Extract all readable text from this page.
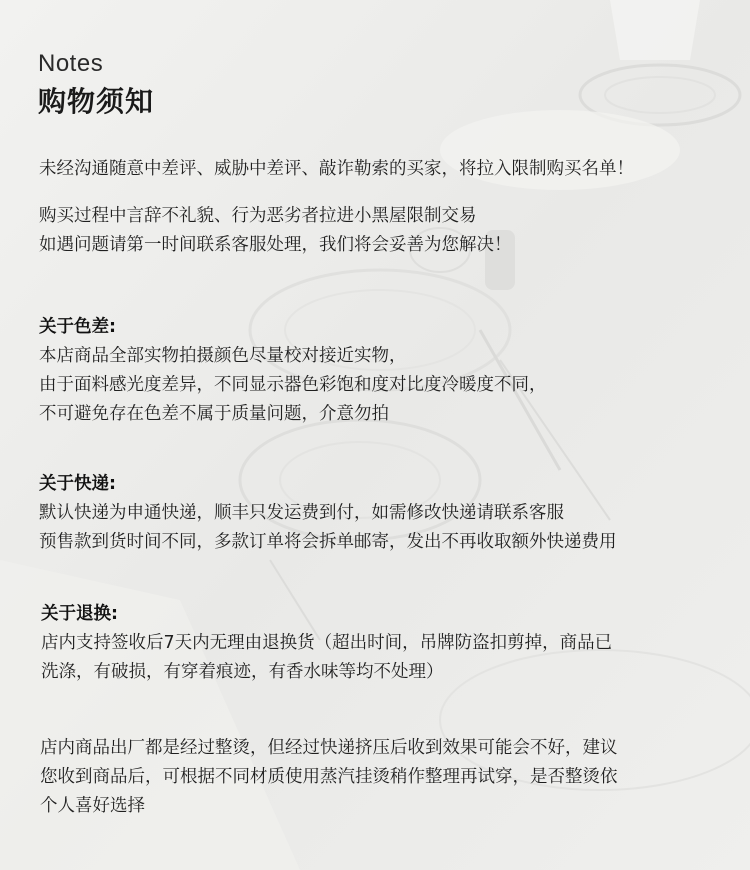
Notes
购物须知
未经沟通随意中差评、威胁中差评、敲诈勒索的买家，将拉入限制购买名单！
购买过程中言辞不礼貌、行为恶劣者拉进小黑屋限制交易
如遇问题请第一时间联系客服处理，我们将会妥善为您解决！
关于色差:
本店商品全部实物拍摄颜色尽量校对接近实物，
由于面料感光度差异，不同显示器色彩饱和度对比度冷暖度不同，
不可避免存在色差不属于质量问题，介意勿拍
关于快递:
默认快递为申通快递，顺丰只发运费到付，如需修改快递请联系客服
预售款到货时间不同，多款订单将会拆单邮寄，发出不再收取额外快递费用
关于退换:
店内支持签收后7天内无理由退换货（超出时间，吊牌防盗扣剪掉，商品已
洗涤，有破损，有穿着痕迹，有香水味等均不处理）
店内商品出厂都是经过整烫，但经过快递挤压后收到效果可能会不好，建议
您收到商品后，可根据不同材质使用蒸汽挂烫稍作整理再试穿，是否整烫依
个人喜好选择
